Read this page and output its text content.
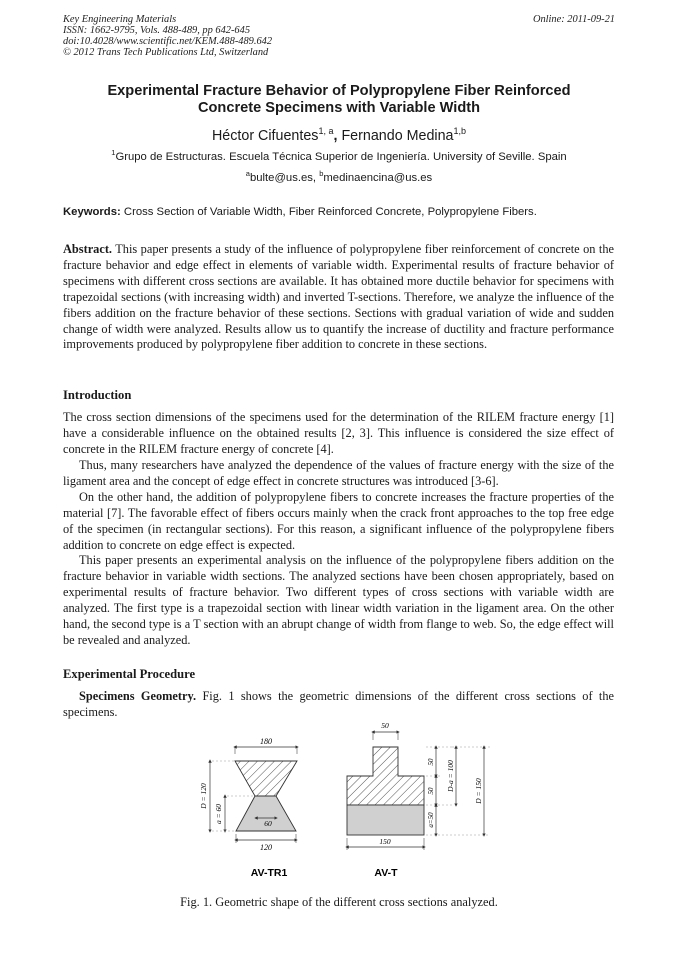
Key Engineering Materials
ISSN: 1662-9795, Vols. 488-489, pp 642-645
doi:10.4028/www.scientific.net/KEM.488-489.642
© 2012 Trans Tech Publications Ltd, Switzerland
Online: 2011-09-21
Experimental Fracture Behavior of Polypropylene Fiber Reinforced
Concrete Specimens with Variable Width
Héctor Cifuentes$^{1, a}$, Fernando Medina$^{1,b}$
$^1$Grupo de Estructuras. Escuela Técnica Superior de Ingeniería. University of Seville. Spain
$^a$bulte@us.es, $^b$medinaencina@us.es
Keywords: Cross Section of Variable Width, Fiber Reinforced Concrete, Polypropylene Fibers.
Abstract. This paper presents a study of the influence of polypropylene fiber reinforcement of concrete on the fracture behavior and edge effect in elements of variable width. Experimental results of fracture behavior of specimens with different cross sections are available. It has obtained more ductile behavior for specimens with trapezoidal sections (with increasing width) and inverted T-sections. Therefore, we analyze the influence of the fibers addition on the fracture behavior of these sections. Sections with gradual variation of wide and sudden change of width were analyzed. Results allow us to quantify the increase of ductility and fracture performance improvements produced by polypropylene fiber addition to concrete in these sections.
Introduction
The cross section dimensions of the specimens used for the determination of the RILEM fracture energy [1] have a considerable influence on the obtained results [2, 3]. This influence is considered the size effect of concrete in the RILEM fracture energy of concrete [4].
Thus, many researchers have analyzed the dependence of the values of fracture energy with the size of the ligament area and the concept of edge effect in concrete structures was introduced [3-6].
On the other hand, the addition of polypropylene fibers to concrete increases the fracture properties of the material [7]. The favorable effect of fibers occurs mainly when the crack front approaches to the top free edge of the specimen (in rectangular sections). For this reason, a significant influence of the polypropylene fibers addition to concrete on edge effect is expected.
This paper presents an experimental analysis on the influence of the polypropylene fibers addition on the fracture behavior in variable width sections. The analyzed sections have been chosen appropriately, based on experimental results of fracture behavior. Two different types of cross sections with variable width are analyzed. The first type is a trapezoidal section with linear width variation in the ligament area. On the other hand, the second type is a T section with an abrupt change of width from flange to web. So, the edge effect will be revealed and analyzed.
Experimental Procedure
Specimens Geometry. Fig. 1 shows the geometric dimensions of the different cross sections of the specimens.
180
60
D = 120
a = 60
120
AV-TR1
50
50
50
a=50
D-a = 100	D = 150
150
AV-T
Fig. 1. Geometric shape of the different cross sections analyzed.
